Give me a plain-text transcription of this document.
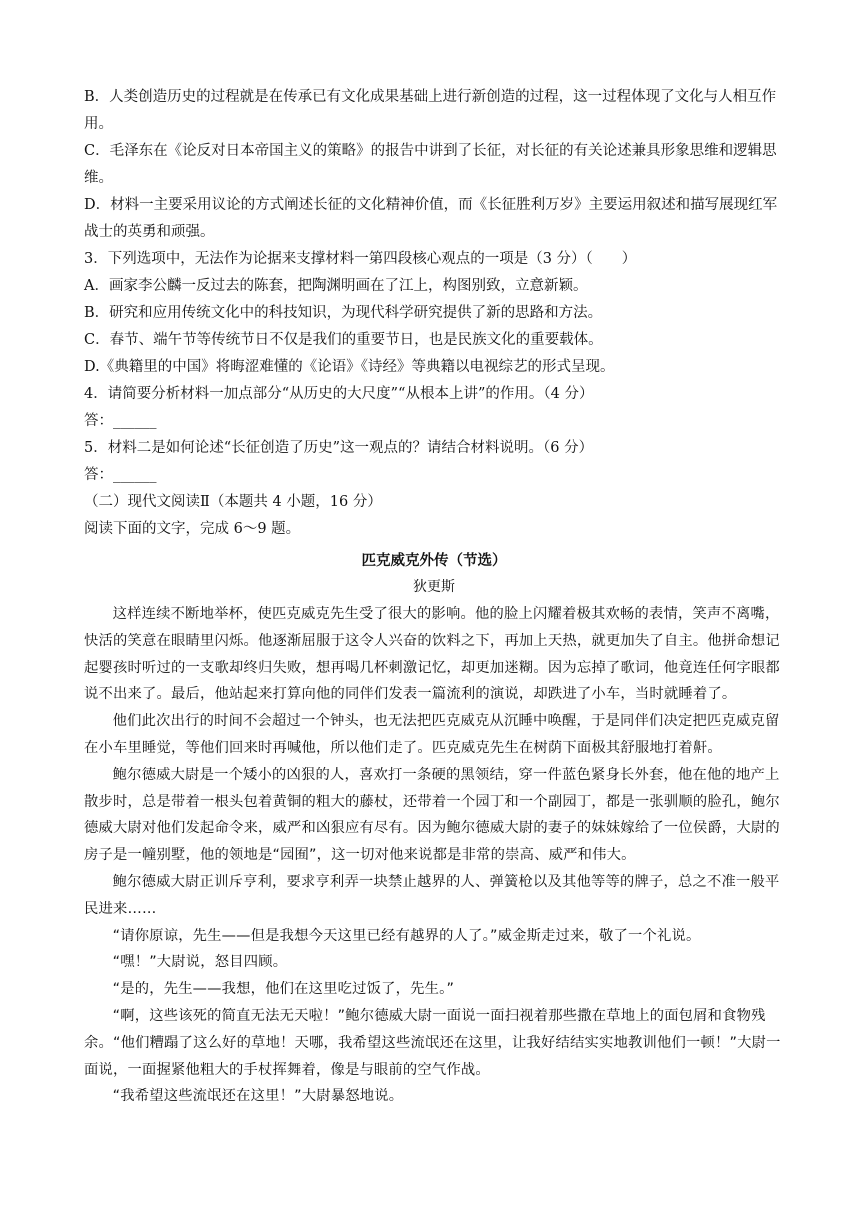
B．人类创造历史的过程就是在传承已有文化成果基础上进行新创造的过程，这一过程体现了文化与人相互作用。

C．毛泽东在《论反对日本帝国主义的策略》的报告中讲到了长征，对长征的有关论述兼具形象思维和逻辑思维。

D．材料一主要采用议论的方式阐述长征的文化精神价值，而《长征胜利万岁》主要运用叙述和描写展现红军战士的英勇和顽强。

3．下列选项中，无法作为论据来支撑材料一第四段核心观点的一项是（3 分）（　　）

A．画家李公麟一反过去的陈套，把陶渊明画在了江上，构图别致，立意新颖。

B．研究和应用传统文化中的科技知识，为现代科学研究提供了新的思路和方法。

C．春节、端午节等传统节日不仅是我们的重要节日，也是民族文化的重要载体。

D.《典籍里的中国》将晦涩难懂的《论语》《诗经》等典籍以电视综艺的形式呈现。

4．请简要分析材料一加点部分“从历史的大尺度”“从根本上讲”的作用。（4 分）

答：______

5．材料二是如何论述“长征创造了历史”这一观点的？请结合材料说明。（6 分）

答：______

（二）现代文阅读Ⅱ（本题共 4 小题，16 分）

阅读下面的文字，完成 6～9 题。

匹克威克外传（节选）

狄更斯

这样连续不断地举杯，使匹克威克先生受了很大的影响。他的脸上闪耀着极其欢畅的表情，笑声不离嘴，快活的笑意在眼睛里闪烁。他逐渐屈服于这令人兴奋的饮料之下，再加上天热，就更加失了自主。他拼命想记起婴孩时听过的一支歌却终归失败，想再喝几杯刺激记忆，却更加迷糊。因为忘掉了歌词，他竟连任何字眼都说不出来了。最后，他站起来打算向他的同伴们发表一篇流利的演说，却跌进了小车，当时就睡着了。

他们此次出行的时间不会超过一个钟头，也无法把匹克威克从沉睡中唤醒，于是同伴们决定把匹克威克留在小车里睡觉，等他们回来时再喊他，所以他们走了。匹克威克先生在树荫下面极其舒服地打着鼾。

鲍尔德威大尉是一个矮小的凶狠的人，喜欢打一条硬的黑领结，穿一件蓝色紧身长外套，他在他的地产上散步时，总是带着一根头包着黄铜的粗大的藤杖，还带着一个园丁和一个副园丁，都是一张驯顺的脸孔，鲍尔德威大尉对他们发起命令来，威严和凶狠应有尽有。因为鲍尔德威大尉的妻子的妹妹嫁给了一位侯爵，大尉的房子是一幢别墅，他的领地是“园囿”，这一切对他来说都是非常的崇高、威严和伟大。

鲍尔德威大尉正训斥亨利，要求亨利弄一块禁止越界的人、弹簧枪以及其他等等的牌子，总之不准一般平民进来……

“请你原谅，先生——但是我想今天这里已经有越界的人了。”威金斯走过来，敬了一个礼说。

“嘿！”大尉说，怒目四顾。

“是的，先生——我想，他们在这里吃过饭了，先生。”

“啊，这些该死的简直无法无天啦！”鲍尔德威大尉一面说一面扫视着那些撒在草地上的面包屑和食物残余。“他们糟蹋了这么好的草地！天哪，我希望这些流氓还在这里，让我好结结实实地教训他们一顿！”大尉一面说，一面握紧他粗大的手杖挥舞着，像是与眼前的空气作战。

“我希望这些流氓还在这里！”大尉暴怒地说。
